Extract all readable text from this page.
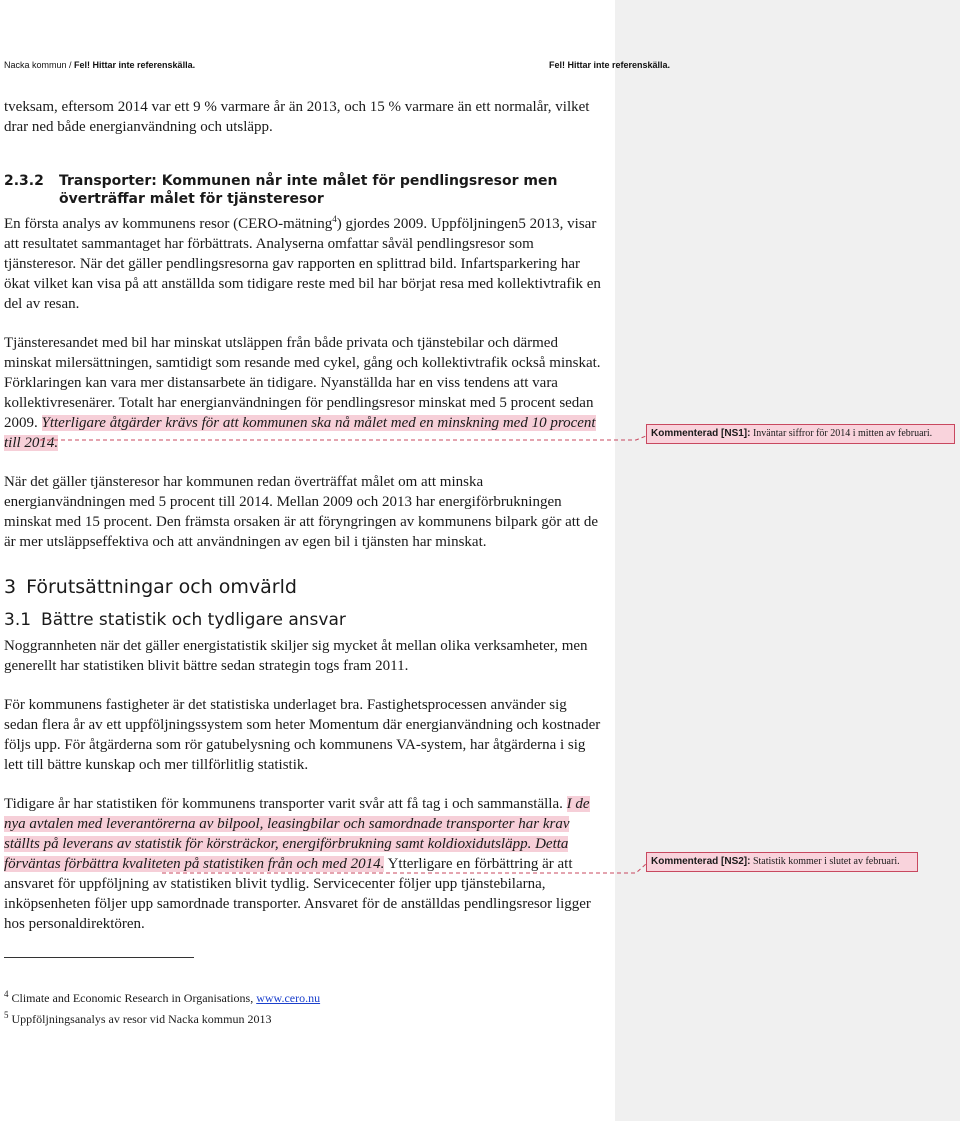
Nacka kommun / Fel! Hittar inte referenskälla.	Fel! Hittar inte referenskälla.

tveksam, eftersom 2014 var ett 9 % varmare år än 2013, och 15 % varmare än ett normalår, vilket

drar ned både energianvändning och utsläpp.

2.3.2 Transporter: Kommunen når inte målet för pendlingsresor men överträffar målet för tjänsteresor

En första analys av kommunens resor (CERO-mätning$^4$) gjordes 2009. Uppföljningen5 2013, visar att resultatet sammantaget har förbättrats. Analyserna omfattar såväl pendlingsresor som tjänsteresor. När det gäller pendlingsresorna gav rapporten en splittrad bild. Infartsparkering har ökat vilket kan visa på att anställda som tidigare reste med bil har börjat resa med kollektivtrafik en del av resan.

Tjänsteresandet med bil har minskat utsläppen från både privata och tjänstebilar och därmed minskat milersättningen, samtidigt som resande med cykel, gång och kollektivtrafik också minskat. Förklaringen kan vara mer distansarbete än tidigare. Nyanställda har en viss tendens att vara kollektivresenärer. Totalt har energianvändningen för pendlingsresor minskat med 5 procent sedan 2009. Ytterligare åtgärder krävs för att kommunen ska nå målet med en minskning med 10 procent till 2014.

När det gäller tjänsteresor har kommunen redan överträffat målet om att minska energianvändningen med 5 procent till 2014. Mellan 2009 och 2013 har energiförbrukningen minskat med 15 procent. Den främsta orsaken är att föryngringen av kommunens bilpark gör att de är mer utsläppseffektiva och att användningen av egen bil i tjänsten har minskat.

3 Förutsättningar och omvärld
3.1 Bättre statistik och tydligare ansvar

Noggrannheten när det gäller energistatistik skiljer sig mycket åt mellan olika verksamheter, men generellt har statistiken blivit bättre sedan strategin togs fram 2011.

För kommunens fastigheter är det statistiska underlaget bra. Fastighetsprocessen använder sig sedan flera år av ett uppföljningssystem som heter Momentum där energianvändning och kostnader följs upp. För åtgärderna som rör gatubelysning och kommunens VA-system, har åtgärderna i sig lett till bättre kunskap och mer tillförlitlig statistik.

Tidigare år har statistiken för kommunens transporter varit svår att få tag i och sammanställa. I de nya avtalen med leverantörerna av bilpool, leasingbilar och samordnade transporter har krav ställts på leverans av statistik för körsträckor, energiförbrukning samt koldioxidutsläpp. Detta förväntas förbättra kvaliteten på statistiken från och med 2014. Ytterligare en förbättring är att ansvaret för uppföljning av statistiken blivit tydlig. Servicecenter följer upp tjänstebilarna, inköpsenheten följer upp samordnade transporter. Ansvaret för de anställdas pendlingsresor ligger hos personaldirektören.

$^4$ Climate and Economic Research in Organisations, www.cero.nu
$^5$ Uppföljningsanalys av resor vid Nacka kommun 2013
Kommenterad [NS1]: Inväntar siffror för 2014 i mitten av februari.
Kommenterad [NS2]: Statistik kommer i slutet av februari.
